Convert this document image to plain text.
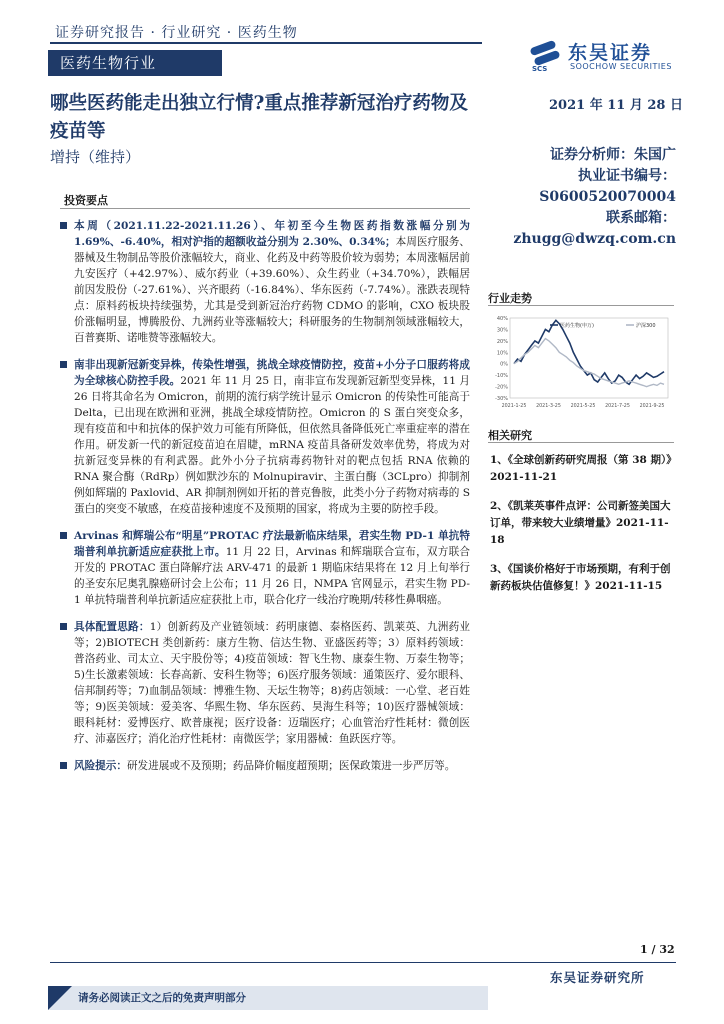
证券研究报告 · 行业研究 · 医药生物
医药生物行业	SCS
东吴证券
SOOCHOW SECURITIES
哪些医药能走出独立行情?重点推荐新冠治疗药物及疫苗等
2021 年 11 月 28 日
增持（维持）	证券分析师：朱国广
执业证书编号：
S0600520070004
联系邮箱：
zhugg@dwzq.com.cn
投资要点
本周（2021.11.22-2021.11.26）、年初至今生物医药指数涨幅分别为 1.69%、-6.40%，相对沪指的超额收益分别为 2.30%、0.34%；本周医疗服务、器械及生物制品等股价涨幅较大，商业、化药及中药等股价较为弱势；本周涨幅居前九安医疗（+42.97%）、威尔药业（+39.60%）、众生药业（+34.70%），跌幅居前因发股份（-27.61%）、兴齐眼药（-16.84%）、华东医药（-7.74%）。涨跌表现特点：原料药板块持续强势，尤其是受到新冠治疗药物 CDMO 的影响，CXO 板块股价涨幅明显，博腾股份、九洲药业等涨幅较大；科研服务的生物制剂领域涨幅较大，百普赛斯、诺唯赞等涨幅较大。
南非出现新冠新变异株，传染性增强，挑战全球疫情防控，疫苗+小分子口服药将成为全球核心防控手段。2021 年 11 月 25 日，南非宣布发现新冠新型变异株，11 月 26 日将其命名为 Omicron，前期的流行病学统计显示 Omicron 的传染性可能高于 Delta，已出现在欧洲和亚洲，挑战全球疫情防控。Omicron 的 S 蛋白突变众多，现有疫苗和中和抗体的保护效力可能有所降低，但依然具备降低死亡率重症率的潜在作用。研发新一代的新冠疫苗迫在眉睫，mRNA 疫苗具备研发效率优势，将成为对抗新冠变异株的有利武器。此外小分子抗病毒药物针对的靶点包括 RNA 依赖的 RNA 聚合酶（RdRp）例如默沙东的 Molnupiravir、主蛋白酶（3CLpro）抑制剂例如辉瑞的 Paxlovid、AR 抑制剂例如开拓的普克鲁胺，此类小分子药物对病毒的 S 蛋白的突变不敏感，在疫苗接种速度不及预期的国家，将成为主要的防控手段。
Arvinas 和辉瑞公布“明星”PROTAC 疗法最新临床结果，君实生物 PD-1 单抗特瑞普利单抗新适应症获批上市。11 月 22 日，Arvinas 和辉瑞联合宣布，双方联合开发的 PROTAC 蛋白降解疗法 ARV-471 的最新 1 期临床结果将在 12 月上旬举行的圣安东尼奥乳腺癌研讨会上公布；11 月 26 日，NMPA 官网显示，君实生物 PD-1 单抗特瑞普利单抗新适应症获批上市，联合化疗一线治疗晚期/转移性鼻咽癌。
具体配置思路：1）创新药及产业链领域：药明康德、泰格医药、凯莱英、九洲药业等；2)BIOTECH 类创新药：康方生物、信达生物、亚盛医药等；3）原料药领域：普洛药业、司太立、天宇股份等；4)疫苗领域：智飞生物、康泰生物、万泰生物等；5)生长激素领域：长春高新、安科生物等；6)医疗服务领域：通策医疗、爱尔眼科、信邦制药等；7)血制品领域：博雅生物、天坛生物等；8)药店领域：一心堂、老百姓等；9)医美领域：爱美客、华熙生物、华东医药、昊海生科等；10)医疗器械领域：眼科耗材：爱博医疗、欧普康视；医疗设备：迈瑞医疗；心血管治疗性耗材：微创医疗、沛嘉医疗；消化治疗性耗材：南微医学；家用器械：鱼跃医疗等。
风险提示：研发进展或不及预期；药品降价幅度超预期；医保政策进一步严厉等。
行业走势
40%
30%
20%
10%
0%
-10%
-20%
-30%
2021-1-25 2021-3-25 2021-5-25 2021-7-25 2021-9-25
医药生物(申万)	沪深300
相关研究
1、《全球创新药研究周报（第 38 期）》2021-11-21
2、《凯莱英事件点评：公司新签美国大订单，带来较大业绩增量》2021-11-18
3、《国谈价格好于市场预期，有利于创新药板块估值修复！》2021-11-15
1 / 32
东吴证券研究所
请务必阅读正文之后的免责声明部分
